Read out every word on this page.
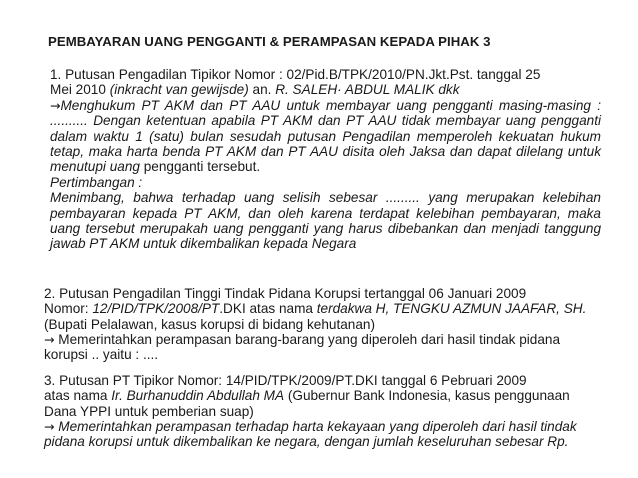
PEMBAYARAN UANG PENGGANTI & PERAMPASAN KEPADA PIHAK 3

1. Putusan Pengadilan Tipikor Nomor : 02/Pid.B/TPK/2010/PN.Jkt.Pst. tanggal 25

Mei 2010 (inkracht van gewijsde) an. R. SALEH· ABDUL MALIK dkk

→Menghukum PT AKM dan PT AAU untuk membayar uang pengganti masing-masing : .......... Dengan ketentuan apabila PT AKM dan PT AAU tidak membayar uang pengganti dalam waktu 1 (satu) bulan sesudah putusan Pengadilan memperoleh kekuatan hukum tetap, maka harta benda PT AKM dan PT AAU disita oleh Jaksa dan dapat dilelang untuk menutupi uang pengganti tersebut.

Pertimbangan :

Menimbang, bahwa terhadap uang selisih sebesar ......... yang merupakan kelebihan pembayaran kepada PT AKM, dan oleh karena terdapat kelebihan pembayaran, maka uang tersebut merupakah uang pengganti yang harus dibebankan dan menjadi tanggung jawab PT AKM untuk dikembalikan kepada Negara

2. Putusan Pengadilan Tinggi Tindak Pidana Korupsi tertanggal 06 Januari 2009
Nomor: 12/PID/TPK/2008/PT.DKI atas nama terdakwa H, TENGKU AZMUN JAAFAR, SH. (Bupati Pelalawan, kasus korupsi di bidang kehutanan)

→ Memerintahkan perampasan barang-barang yang diperoleh dari hasil tindak pidana korupsi .. yaitu : ....

3. Putusan PT Tipikor Nomor: 14/PID/TPK/2009/PT.DKI tanggal 6 Pebruari 2009
atas nama Ir. Burhanuddin Abdullah MA (Gubernur Bank Indonesia, kasus penggunaan Dana YPPI untuk pemberian suap)

→ Memerintahkan perampasan terhadap harta kekayaan yang diperoleh dari hasil tindak pidana korupsi untuk dikembalikan ke negara, dengan jumlah keseluruhan sebesar Rp.
